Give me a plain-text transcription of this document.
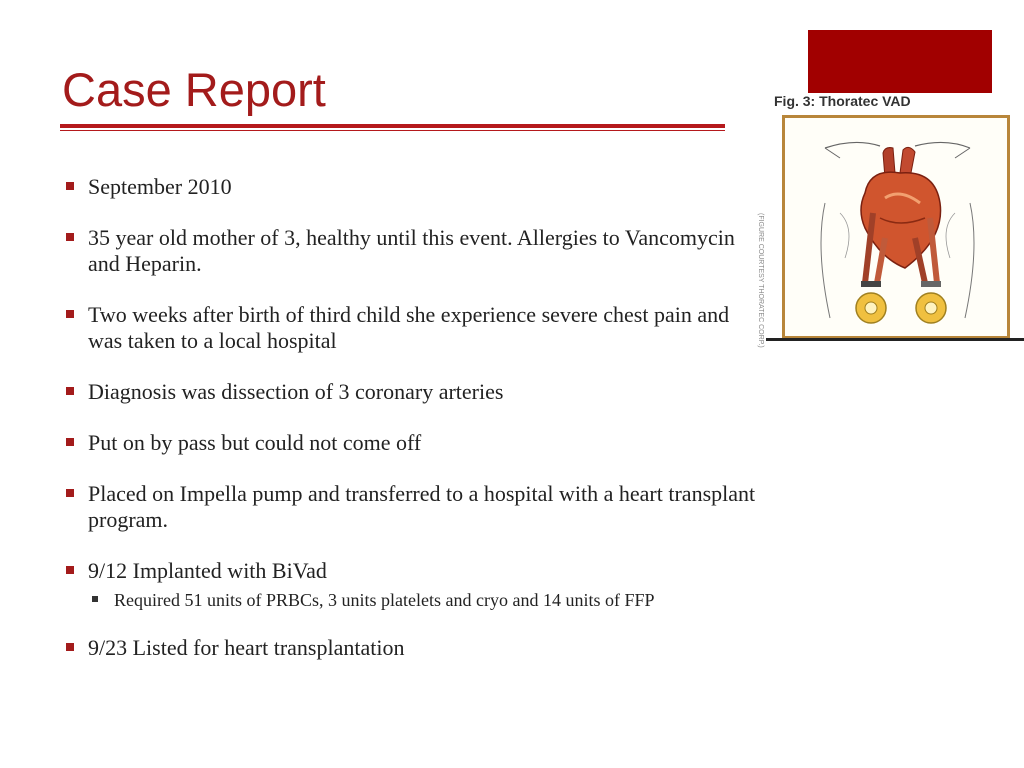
Case Report
September 2010
35 year old mother of 3, healthy until this event. Allergies to Vancomycin and Heparin.
Two weeks after birth of third child she experience severe chest pain and was taken to a local hospital
Diagnosis was dissection of 3 coronary arteries
Put on by pass but could not come off
Placed on Impella pump and transferred to a hospital with a heart transplant program.
9/12 Implanted with BiVad
Required 51 units of PRBCs, 3 units platelets and cryo and 14 units of FFP
9/23 Listed for heart transplantation
Fig. 3: Thoratec VAD
(FIGURE COURTESY THORATEC CORP.)
